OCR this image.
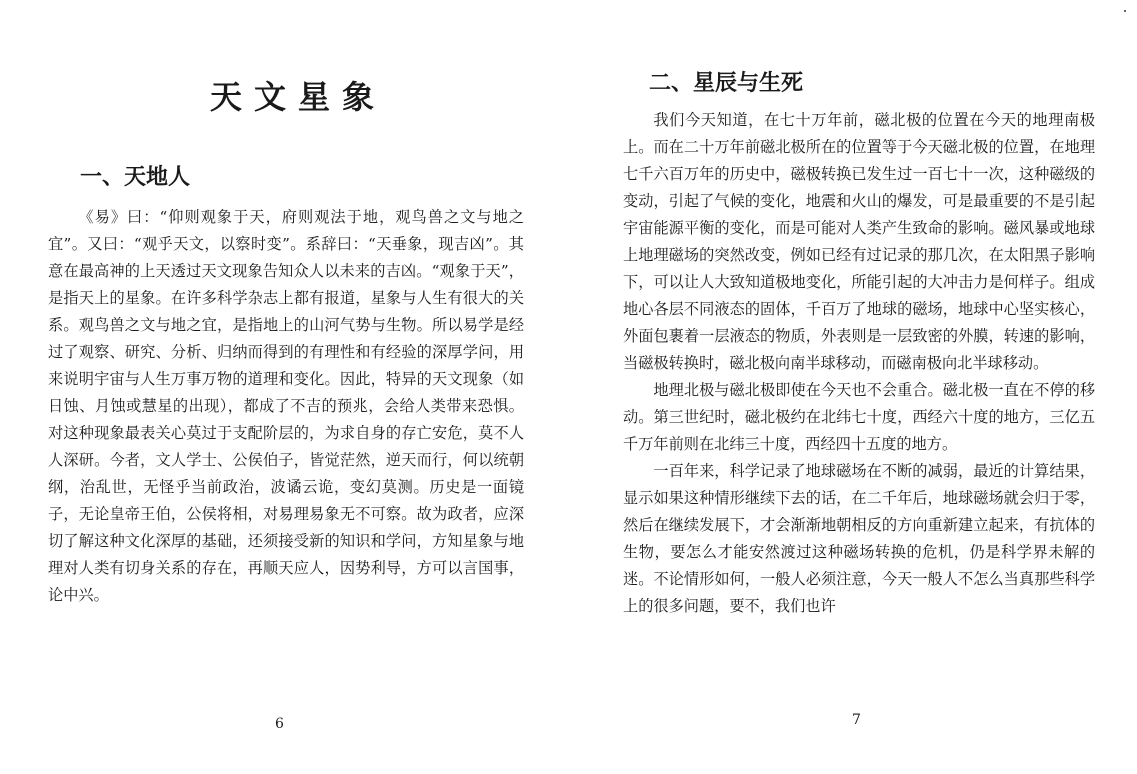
天文星象
一、天地人

《易》曰：“仰则观象于天，府则观法于地，观鸟兽之文与地之宜”。又曰：“观乎天文，以察时变”。系辞曰：“天垂象，现吉凶”。其意在最高神的上天透过天文现象告知众人以未来的吉凶。“观象于天”，是指天上的星象。在许多科学杂志上都有报道，星象与人生有很大的关系。观鸟兽之文与地之宜，是指地上的山河气势与生物。所以易学是经过了观察、研究、分析、归纳而得到的有理性和有经验的深厚学问，用来说明宇宙与人生万事万物的道理和变化。因此，特异的天文现象（如日蚀、月蚀或慧星的出现），都成了不吉的预兆，会给人类带来恐惧。对这种现象最表关心莫过于支配阶层的，为求自身的存亡安危，莫不人人深研。今者，文人学士、公侯伯子，皆觉茫然，逆天而行，何以统朝纲，治乱世，无怪乎当前政治，波谲云诡，变幻莫测。历史是一面镜子，无论皇帝王伯，公侯将相，对易理易象无不可察。故为政者，应深切了解这种文化深厚的基础，还须接受新的知识和学问，方知星象与地理对人类有切身关系的存在，再顺天应人，因势利导，方可以言国事，论中兴。

6
二、星辰与生死

我们今天知道，在七十万年前，磁北极的位置在今天的地理南极上。而在二十万年前磁北极所在的位置等于今天磁北极的位置，在地理七千六百万年的历史中，磁极转换已发生过一百七十一次，这种磁级的变动，引起了气候的变化，地震和火山的爆发，可是最重要的不是引起宇宙能源平衡的变化，而是可能对人类产生致命的影响。磁风暴或地球上地理磁场的突然改变，例如已经有过记录的那几次，在太阳黑子影响下，可以让人大致知道极地变化，所能引起的大冲击力是何样子。组成地心各层不同液态的固体，千百万了地球的磁场，地球中心坚实核心，外面包裹着一层液态的物质，外表则是一层致密的外膜，转速的影响，当磁极转换时，磁北极向南半球移动，而磁南极向北半球移动。

地理北极与磁北极即使在今天也不会重合。磁北极一直在不停的移动。第三世纪时，磁北极约在北纬七十度，西经六十度的地方，三亿五千万年前则在北纬三十度，西经四十五度的地方。

一百年来，科学记录了地球磁场在不断的减弱，最近的计算结果，显示如果这种情形继续下去的话，在二千年后，地球磁场就会归于零，然后在继续发展下，才会渐渐地朝相反的方向重新建立起来，有抗体的生物，要怎么才能安然渡过这种磁场转换的危机，仍是科学界未解的迷。不论情形如何，一般人必须注意，今天一般人不怎么当真那些科学上的很多问题，要不，我们也许

7
